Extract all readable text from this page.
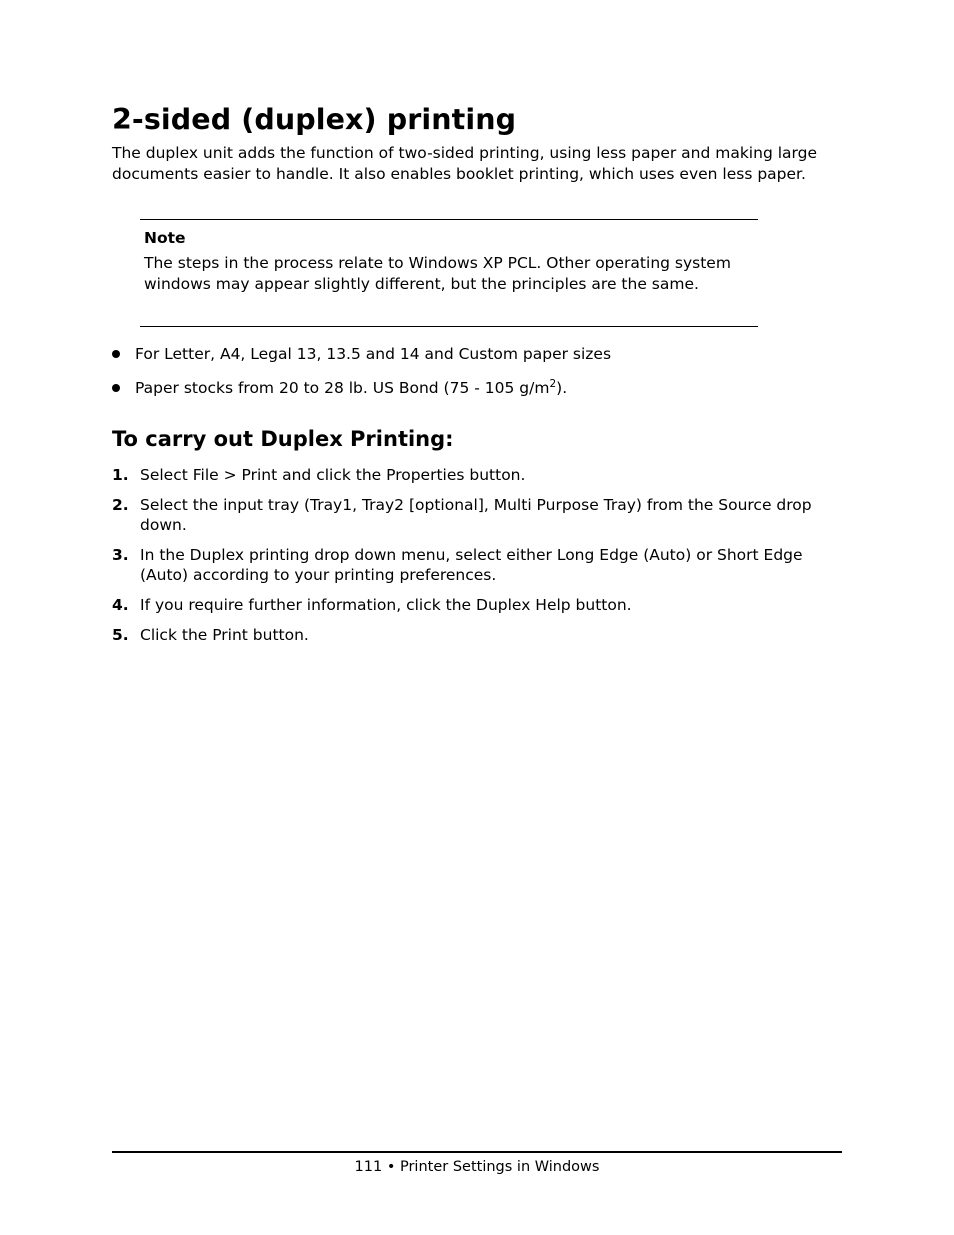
2-sided (duplex) printing

The duplex unit adds the function of two-sided printing, using less paper and making large documents easier to handle. It also enables booklet printing, which uses even less paper.

Note

The steps in the process relate to Windows XP PCL. Other operating system windows may appear slightly different, but the principles are the same.

For Letter, A4, Legal 13, 13.5 and 14 and Custom paper sizes
Paper stocks from 20 to 28 lb. US Bond (75 - 105 $g/m^2$).
To carry out Duplex Printing:
1. Select File > Print and click the Properties button.
2. Select the input tray (Tray1, Tray2 [optional], Multi Purpose Tray) from the Source drop down.
3. In the Duplex printing drop down menu, select either Long Edge (Auto) or Short Edge (Auto) according to your printing preferences.
4. If you require further information, click the Duplex Help button.
5. Click the Print button.
111 • Printer Settings in Windows
